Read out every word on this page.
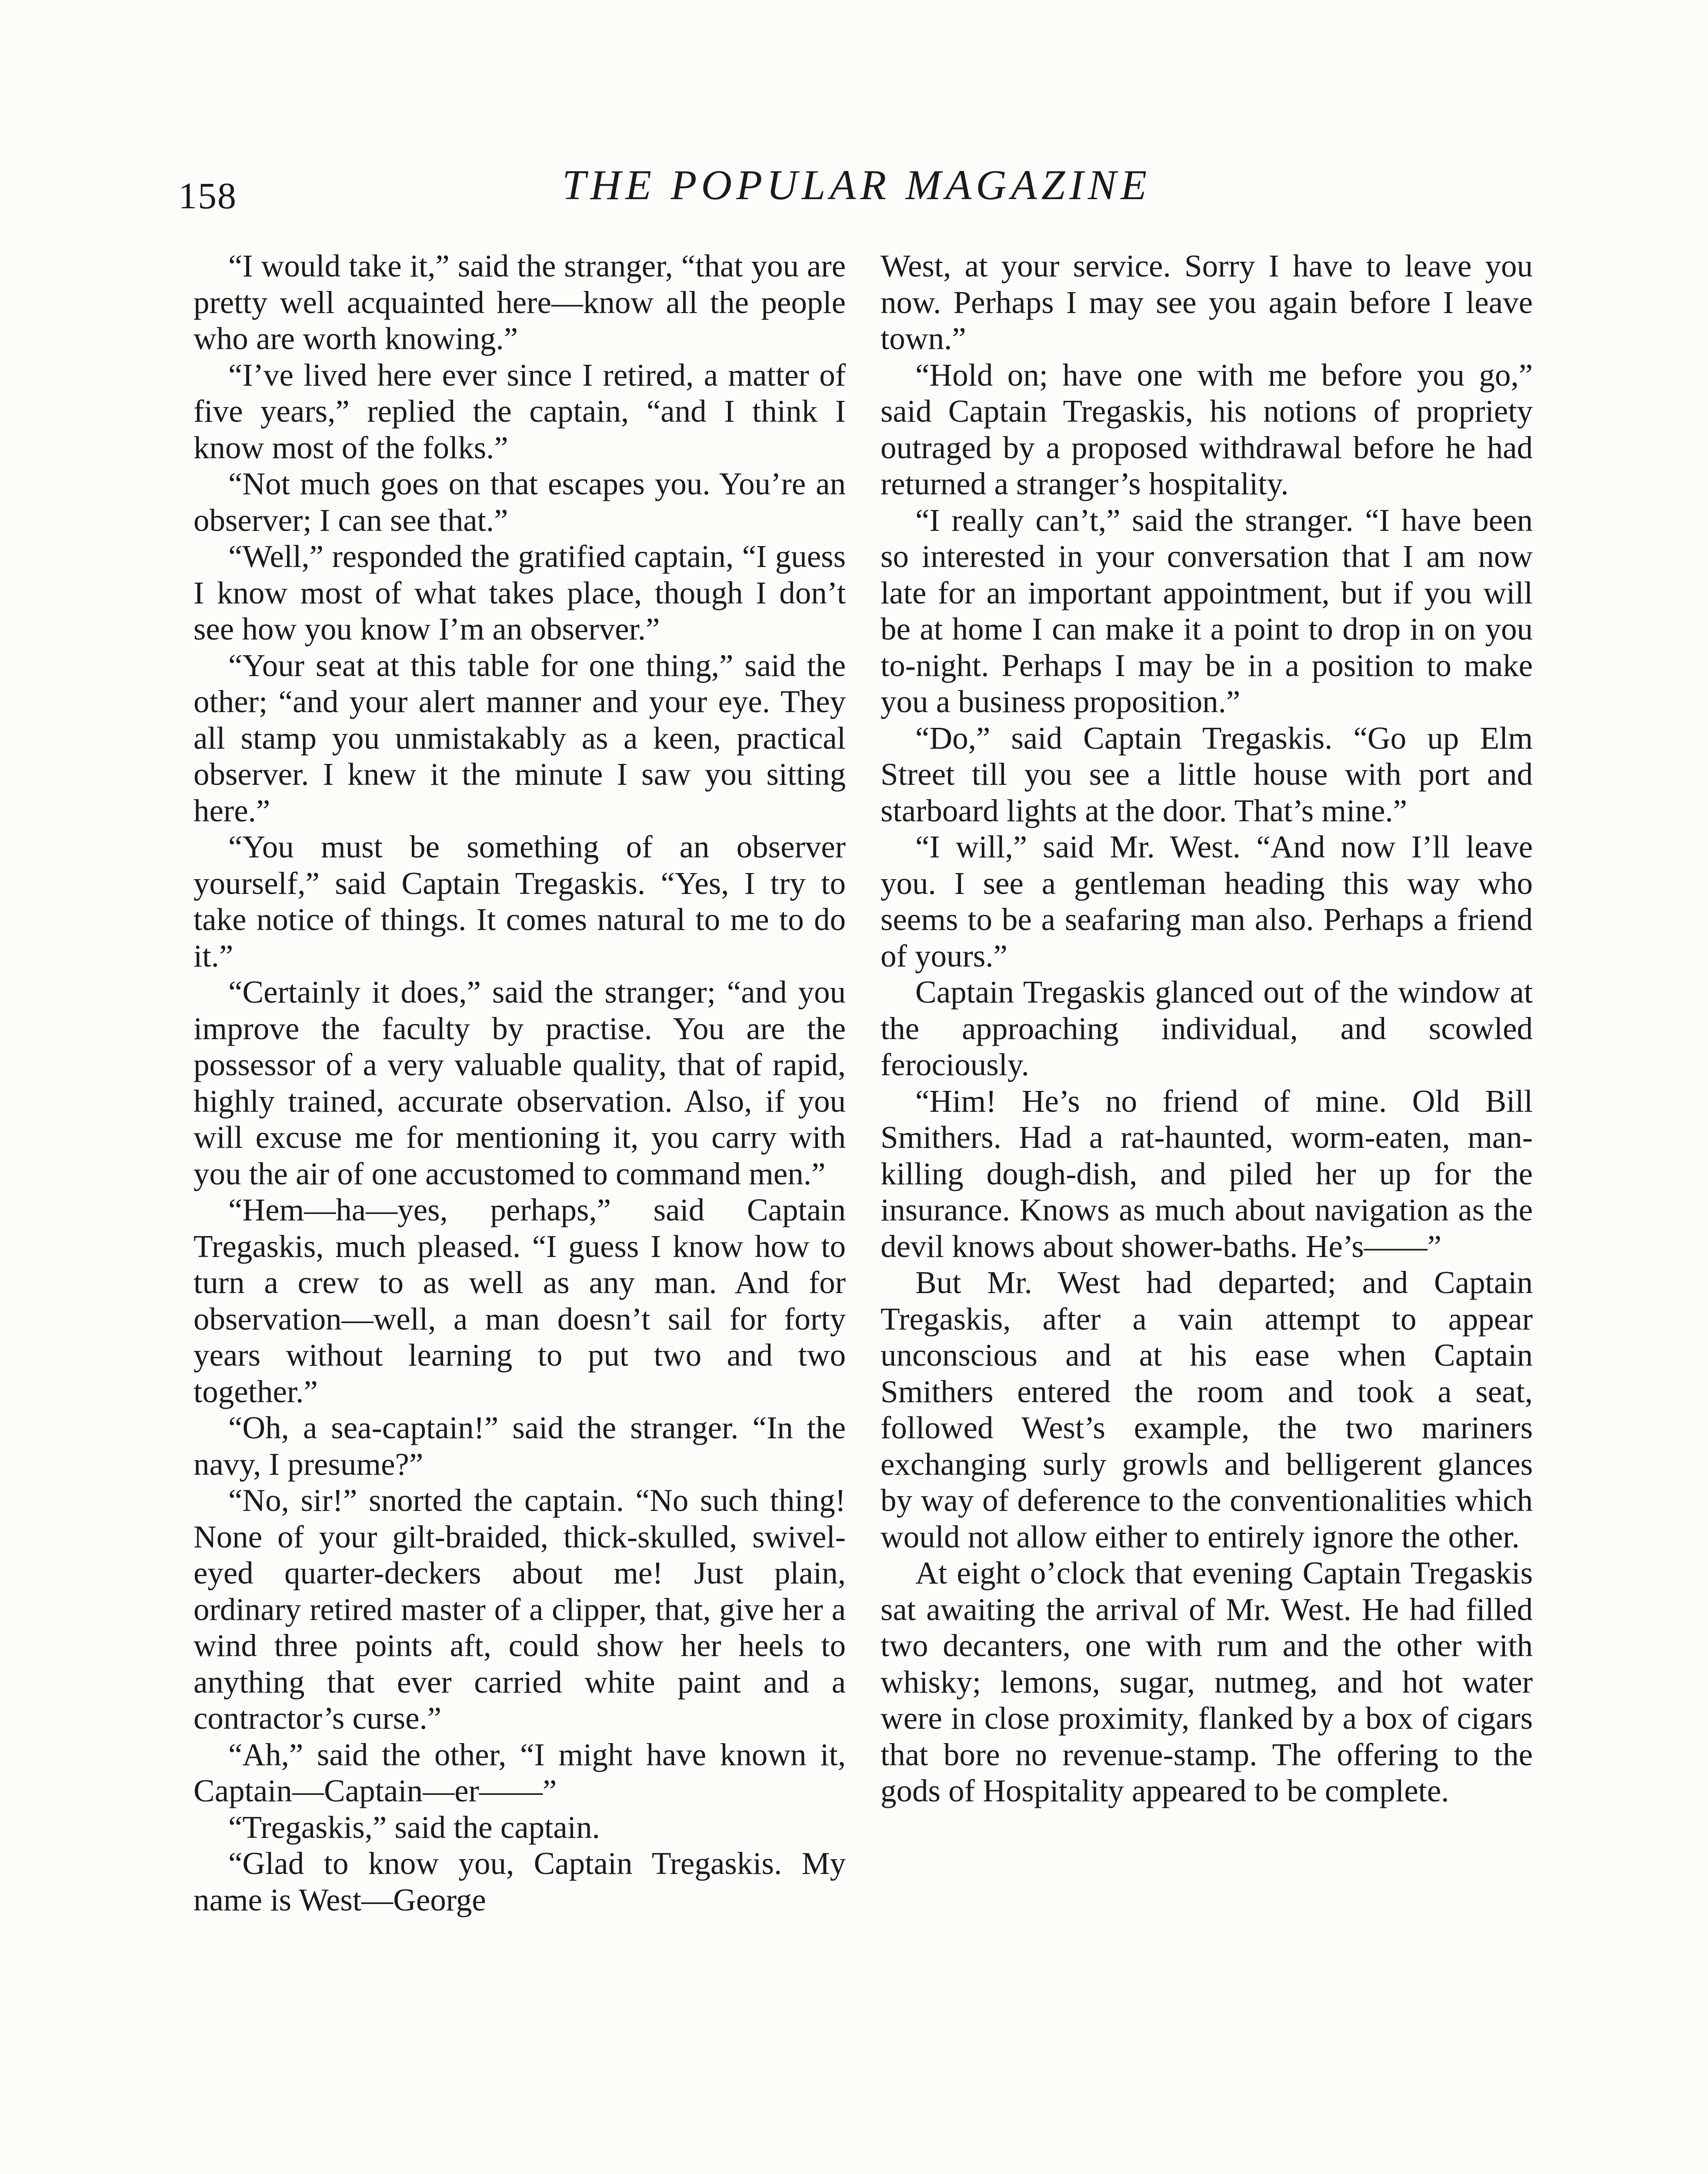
158	THE POPULAR MAGAZINE

“I would take it,” said the stranger, “that you are pretty well acquainted here—know all the people who are worth knowing.”

“I’ve lived here ever since I retired, a matter of five years,” replied the captain, “and I think I know most of the folks.”

“Not much goes on that escapes you. You’re an observer; I can see that.”

“Well,” responded the gratified captain, “I guess I know most of what takes place, though I don’t see how you know I’m an observer.”

“Your seat at this table for one thing,” said the other; “and your alert manner and your eye. They all stamp you unmistakably as a keen, practical observer. I knew it the minute I saw you sitting here.”

“You must be something of an observer yourself,” said Captain Tregaskis. “Yes, I try to take notice of things. It comes natural to me to do it.”

“Certainly it does,” said the stranger; “and you improve the faculty by practise. You are the possessor of a very valuable quality, that of rapid, highly trained, accurate observation. Also, if you will excuse me for mentioning it, you carry with you the air of one accustomed to command men.”

“Hem—ha—yes, perhaps,” said Captain Tregaskis, much pleased. “I guess I know how to turn a crew to as well as any man. And for observation—well, a man doesn’t sail for forty years without learning to put two and two together.”

“Oh, a sea-captain!” said the stranger. “In the navy, I presume?”

“No, sir!” snorted the captain. “No such thing! None of your gilt-braided, thick-skulled, swivel-eyed quarter-deckers about me! Just plain, ordinary retired master of a clipper, that, give her a wind three points aft, could show her heels to anything that ever carried white paint and a contractor’s curse.”

“Ah,” said the other, “I might have known it, Captain—Captain—er——”

“Tregaskis,” said the captain.

“Glad to know you, Captain Tregaskis. My name is West—George

West, at your service. Sorry I have to leave you now. Perhaps I may see you again before I leave town.”

“Hold on; have one with me before you go,” said Captain Tregaskis, his notions of propriety outraged by a proposed withdrawal before he had returned a stranger’s hospitality.

“I really can’t,” said the stranger. “I have been so interested in your conversation that I am now late for an important appointment, but if you will be at home I can make it a point to drop in on you to-night. Perhaps I may be in a position to make you a business proposition.”

“Do,” said Captain Tregaskis. “Go up Elm Street till you see a little house with port and starboard lights at the door. That’s mine.”

“I will,” said Mr. West. “And now I’ll leave you. I see a gentleman heading this way who seems to be a seafaring man also. Perhaps a friend of yours.”

Captain Tregaskis glanced out of the window at the approaching individual, and scowled ferociously.

“Him! He’s no friend of mine. Old Bill Smithers. Had a rat-haunted, worm-eaten, man-killing dough-dish, and piled her up for the insurance. Knows as much about navigation as the devil knows about shower-baths. He’s——”

But Mr. West had departed; and Captain Tregaskis, after a vain attempt to appear unconscious and at his ease when Captain Smithers entered the room and took a seat, followed West’s example, the two mariners exchanging surly growls and belligerent glances by way of deference to the conventionalities which would not allow either to entirely ignore the other.

At eight o’clock that evening Captain Tregaskis sat awaiting the arrival of Mr. West. He had filled two decanters, one with rum and the other with whisky; lemons, sugar, nutmeg, and hot water were in close proximity, flanked by a box of cigars that bore no revenue-stamp. The offering to the gods of Hospitality appeared to be complete.
